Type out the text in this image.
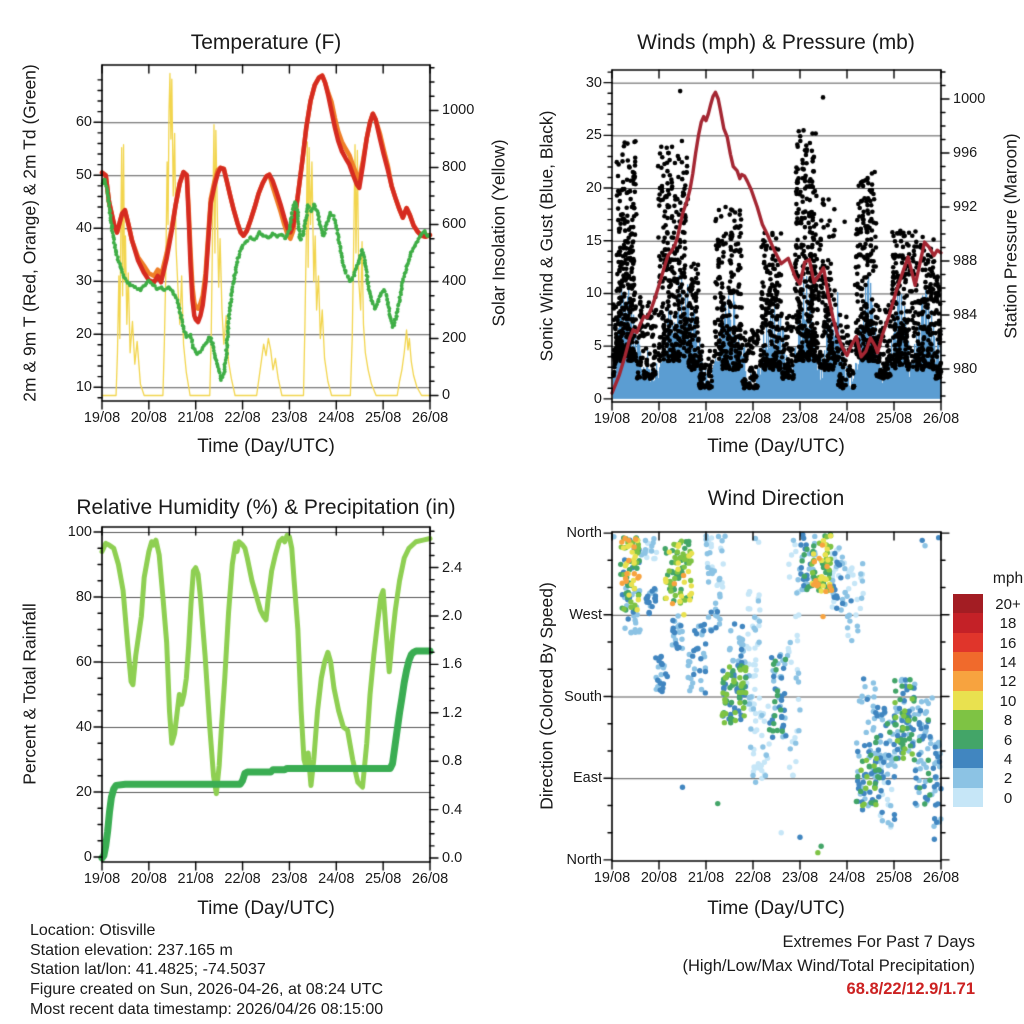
Temperature (F)	Winds (mph) & Pressure (mb)
Relative Humidity (%) & Precipitation (in)	Wind Direction
Time (Day/UTC)	Time (Day/UTC)
Time (Day/UTC)	Time (Day/UTC)
2m & 9m T (Red, Orange) & 2m Td (Green)	Solar Insolation (Yellow) Sonic Wind & Gust (Blue, Black)	Station Pressure (Maroon)
Percent & Total Rainfall	Direction (Colored By Speed)
mph
20+
18
16
14
12
10
8
6
4
2
0
19/08 20/08 21/08 22/08 23/08 24/08 25/08 26/08
10
20
30
40
50
60
0
200
400
600
800
1000
19/08 20/08 21/08 22/08 23/08 24/08 25/08 26/08
0
5
10
15
20
25
30
980
984
988
992
996
1000
19/08 20/08 21/08 22/08 23/08 24/08 25/08 26/08
0
20
40
60
80
100
0.0
0.4
0.8
1.2
1.6
2.0
2.4
19/08 20/08 21/08 22/08 23/08 24/08 25/08 26/08
North
West
South
East
North
Location: Otisville
Station elevation: 237.165 m
Station lat/lon: 41.4825; -74.5037
Figure created on Sun, 2026-04-26, at 08:24 UTC
Most recent data timestamp: 2026/04/26 08:15:00
Extremes For Past 7 Days
(High/Low/Max Wind/Total Precipitation)
68.8/22/12.9/1.71
